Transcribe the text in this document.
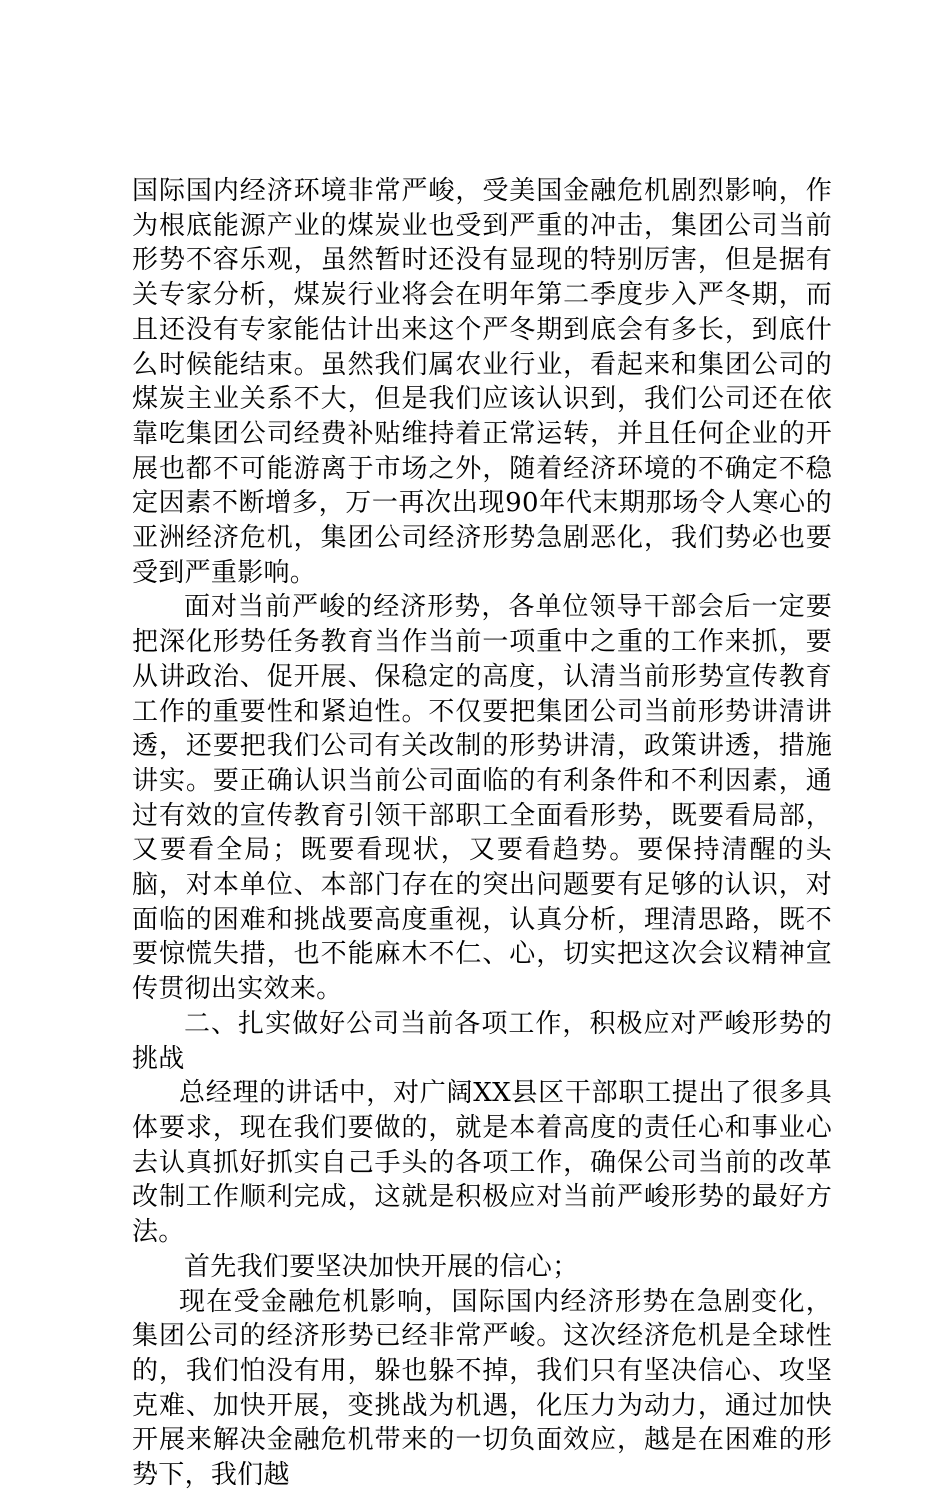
国际国内经济环境非常严峻，受美国金融危机剧烈影响，作为根底能源产业的煤炭业也受到严重的冲击，集团公司当前形势不容乐观，虽然暂时还没有显现的特别厉害，但是据有关专家分析，煤炭行业将会在明年第二季度步入严冬期，而且还没有专家能估计出来这个严冬期到底会有多长，到底什么时候能结束。虽然我们属农业行业，看起来和集团公司的煤炭主业关系不大，但是我们应该认识到，我们公司还在依靠吃集团公司经费补贴维持着正常运转，并且任何企业的开展也都不可能游离于市场之外，随着经济环境的不确定不稳定因素不断增多，万一再次出现90年代末期那场令人寒心的亚洲经济危机，集团公司经济形势急剧恶化，我们势必也要受到严重影响。

面对当前严峻的经济形势，各单位领导干部会后一定要把深化形势任务教育当作当前一项重中之重的工作来抓，要从讲政治、促开展、保稳定的高度，认清当前形势宣传教育工作的重要性和紧迫性。不仅要把集团公司当前形势讲清讲透，还要把我们公司有关改制的形势讲清，政策讲透，措施讲实。要正确认识当前公司面临的有利条件和不利因素，通过有效的宣传教育引领干部职工全面看形势，既要看局部，又要看全局；既要看现状，又要看趋势。要保持清醒的头脑，对本单位、本部门存在的突出问题要有足够的认识，对面临的困难和挑战要高度重视，认真分析，理清思路，既不要惊慌失措，也不能麻木不仁、心，切实把这次会议精神宣传贯彻出实效来。

二、扎实做好公司当前各项工作，积极应对严峻形势的挑战

总经理的讲话中，对广阔XX县区干部职工提出了很多具体要求，现在我们要做的，就是本着高度的责任心和事业心去认真抓好抓实自己手头的各项工作，确保公司当前的改革改制工作顺利完成，这就是积极应对当前严峻形势的最好方法。

首先我们要坚决加快开展的信心；

现在受金融危机影响，国际国内经济形势在急剧变化，集团公司的经济形势已经非常严峻。这次经济危机是全球性的，我们怕没有用，躲也躲不掉，我们只有坚决信心、攻坚克难、加快开展，变挑战为机遇，化压力为动力，通过加快开展来解决金融危机带来的一切负面效应，越是在困难的形势下，我们越
